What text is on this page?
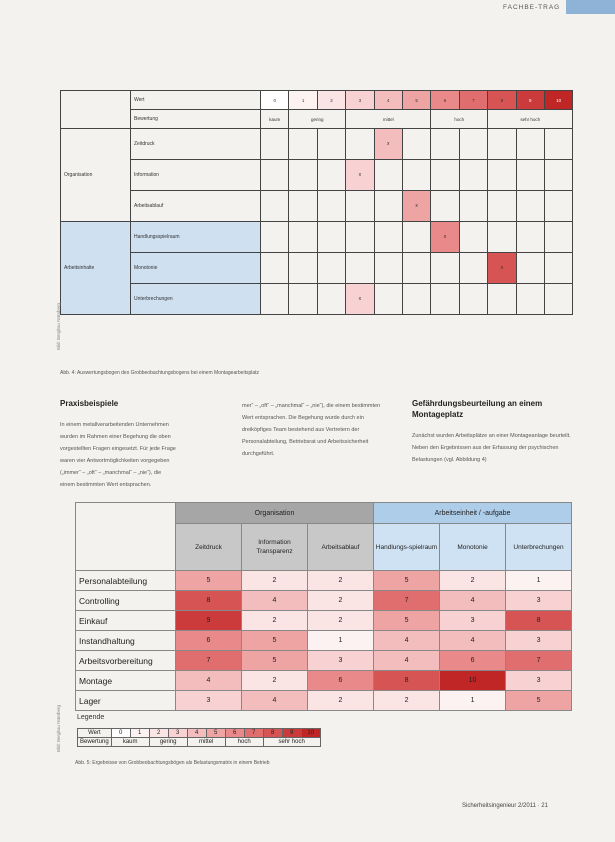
FACHBE-TRAG
	Wert	0	1	2	3	4	5	6	7	8	9	10
	Bewertung	kaum	gering		mittel			hoch		sehr hoch		
Organisation	Zeitdruck					x						
	Information				x							
	Arbeitsablauf						x					
Arbeitsinhalte	Handlungsspielraum							x				
	Monotonie									x		
	Unterbrechungen				x							
Abb. 4: Auswertungsbogen des Grobbeobachtungsbogens bei einem Montagearbeitsplatz
Praxisbeispiele
In einem metallverarbeitenden Unternehmen wurden im Rahmen einer Begehung die oben vorgestellten Fragen eingesetzt. Für jede Frage waren vier Antwortmöglichkeiten vorgegeben („immer“ – „oft“ – „manchmal“ – „nie“), die einem bestimmten Wert entsprachen.
mer“ – „oft“ – „manchmal“ – „nie“), die einem bestimmten Wert entsprachen. Die Begehung wurde durch ein dreiköpfiges Team bestehend aus Vertretern der Personalabteilung, Betriebsrat und Arbeitssicherheit durchgeführt.
Gefährdungsbeurteilung an einem Montageplatz
Zunächst wurden Arbeitsplätze an einer Montageanlage beurteilt. Neben den Ergebnissen aus der Erfassung der psychischen Belastungen (vgl. Abbildung 4)
	Organisation			Arbeitseinheit / -aufgabe		
	Zeitdruck	Information Transparenz	Arbeitsablauf	Handlungs-spielraum	Monotonie	Unterbrechungen
Personalabteilung	5	2	2	5	2	1
Controlling	8	4	2	7	4	3
Einkauf	9	2	2	5	3	8
Instandhaltung	6	5	1	4	4	3
Arbeitsvorbereitung	7	5	3	4	6	7
Montage	4	2	6	8	10	3
Lager	3	4	2	2	1	5
Legende
Wert	0	1	2	3	4	5	6	7	8	9	10
Bewertung	kaum		gering		mittel		hoch		sehr hoch		
Abb. 5: Ergebnisse von Grobbeobachtungsbögen als Belastungsmatrix in einem Betrieb
Bild: Bergbau Nürnberg
Bild: Bergbau Nürnberg
Sicherheitsingenieur 2/2011 · 21
